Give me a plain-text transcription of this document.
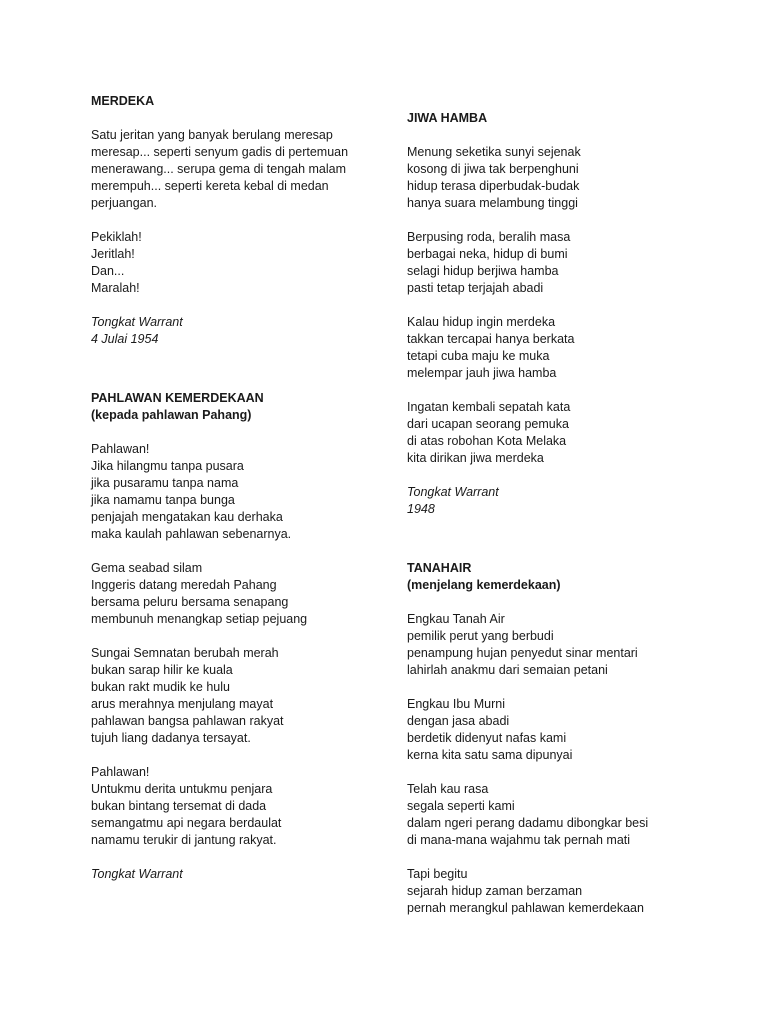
MERDEKA

Satu jeritan yang banyak berulang meresap
meresap... seperti senyum gadis di pertemuan
menerawang... serupa gema di tengah malam
merempuh... seperti kereta kebal di medan
perjuangan.

Pekiklah!
Jeritlah!
Dan...
Maralah!

Tongkat Warrant
4 Julai 1954

PAHLAWAN KEMERDEKAAN

(kepada pahlawan Pahang)

Pahlawan!
Jika hilangmu tanpa pusara
jika pusaramu tanpa nama
jika namamu tanpa bunga
penjajah mengatakan kau derhaka
maka kaulah pahlawan sebenarnya.

Gema seabad silam
Inggeris datang meredah Pahang
bersama peluru bersama senapang
membunuh menangkap setiap pejuang

Sungai Semnatan berubah merah
bukan sarap hilir ke kuala
bukan rakt mudik ke hulu
arus merahnya menjulang mayat
pahlawan bangsa pahlawan rakyat
tujuh liang dadanya tersayat.

Pahlawan!
Untukmu derita untukmu penjara
bukan bintang tersemat di dada
semangatmu api negara berdaulat
namamu terukir di jantung rakyat.

Tongkat Warrant

JIWA HAMBA

Menung seketika sunyi sejenak
kosong di jiwa tak berpenghuni
hidup terasa diperbudak-budak
hanya suara melambung tinggi

Berpusing roda, beralih masa
berbagai neka, hidup di bumi
selagi hidup berjiwa hamba
pasti tetap terjajah abadi

Kalau hidup ingin merdeka
takkan tercapai hanya berkata
tetapi cuba maju ke muka
melempar jauh jiwa hamba

Ingatan kembali sepatah kata
dari ucapan seorang pemuka
di atas robohan Kota Melaka
kita dirikan jiwa merdeka

Tongkat Warrant
1948

TANAHAIR

(menjelang kemerdekaan)

Engkau Tanah Air
pemilik perut yang berbudi
penampung hujan penyedut sinar mentari
lahirlah anakmu dari semaian petani

Engkau Ibu Murni
dengan jasa abadi
berdetik didenyut nafas kami
kerna kita satu sama dipunyai

Telah kau rasa
segala seperti kami
dalam ngeri perang dadamu dibongkar besi
di mana-mana wajahmu tak pernah mati

Tapi begitu
sejarah hidup zaman berzaman
pernah merangkul pahlawan kemerdekaan
